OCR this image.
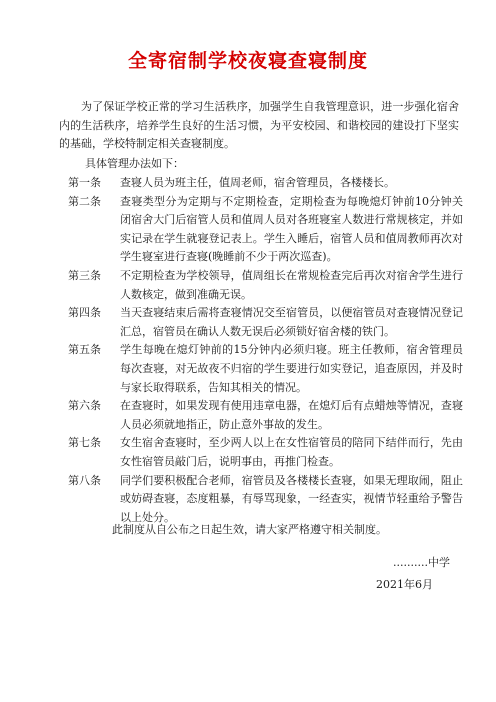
全寄宿制学校夜寝查寝制度
为了保证学校正常的学习生活秩序，加强学生自我管理意识，进一步强化宿舍内的生活秩序，培养学生良好的生活习惯，为平安校园、和谐校园的建设打下坚实的基础，学校特制定相关查寝制度。
具体管理办法如下：
第一条	查寝人员为班主任，值周老师，宿舍管理员，各楼楼长。
第二条	查寝类型分为定期与不定期检查，定期检查为每晚熄灯钟前10分钟关闭宿舍大门后宿管人员和值周人员对各班寝室人数进行常规核定，并如实记录在学生就寝登记表上。学生入睡后，宿管人员和值周教师再次对学生寝室进行查寝(晚睡前不少于两次巡查)。
第三条	不定期检查为学校领导，值周组长在常规检查完后再次对宿舍学生进行人数核定，做到准确无误。
第四条	当天查寝结束后需将查寝情况交至宿管员，以便宿管员对查寝情况登记汇总，宿管员在确认人数无误后必须锁好宿舍楼的铁门。
第五条	学生每晚在熄灯钟前的15分钟内必须归寝。班主任教师，宿舍管理员每次查寝，对无故夜不归宿的学生要进行如实登记，追查原因，并及时与家长取得联系，告知其相关的情况。
第六条	在查寝时，如果发现有使用违章电器，在熄灯后有点蜡烛等情况，查寝人员必须就地指正，防止意外事故的发生。
第七条	女生宿舍查寝时，至少两人以上在女性宿管员的陪同下结伴而行，先由女性宿管员敲门后，说明事由，再推门检查。
第八条	同学们要积极配合老师，宿管员及各楼楼长查寝，如果无理取闹，阻止或妨碍查寝，态度粗暴，有辱骂现象，一经查实，视情节轻重给予警告以上处分。
此制度从自公布之日起生效，请大家严格遵守相关制度。
..........中学
2021年6月
